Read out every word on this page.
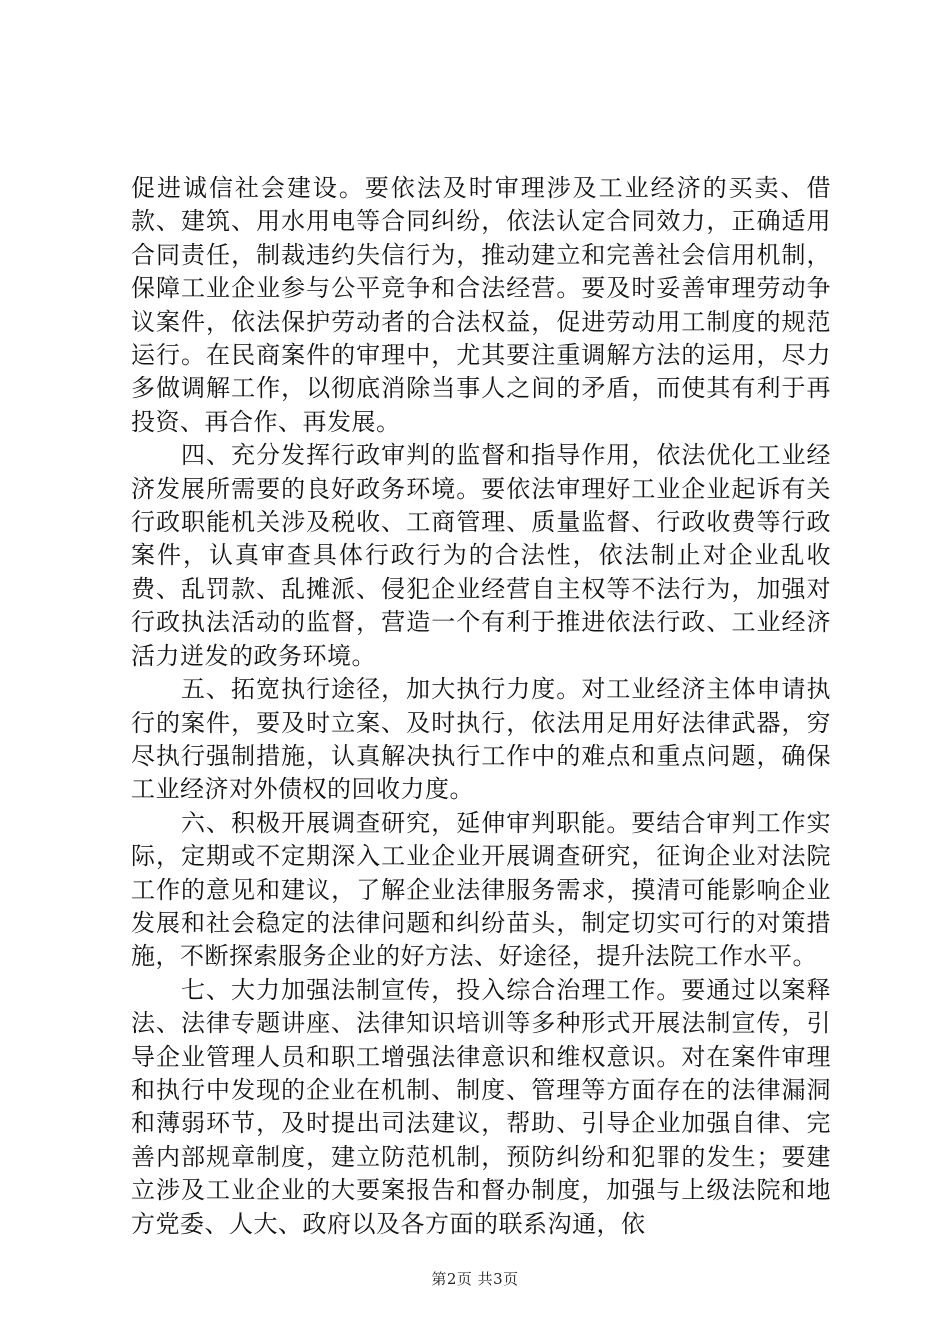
促进诚信社会建设。要依法及时审理涉及工业经济的买卖、借款、建筑、用水用电等合同纠纷，依法认定合同效力，正确适用合同责任，制裁违约失信行为，推动建立和完善社会信用机制，保障工业企业参与公平竞争和合法经营。要及时妥善审理劳动争议案件，依法保护劳动者的合法权益，促进劳动用工制度的规范运行。在民商案件的审理中，尤其要注重调解方法的运用，尽力多做调解工作，以彻底消除当事人之间的矛盾，而使其有利于再投资、再合作、再发展。

四、充分发挥行政审判的监督和指导作用，依法优化工业经济发展所需要的良好政务环境。要依法审理好工业企业起诉有关行政职能机关涉及税收、工商管理、质量监督、行政收费等行政案件，认真审查具体行政行为的合法性，依法制止对企业乱收费、乱罚款、乱摊派、侵犯企业经营自主权等不法行为，加强对行政执法活动的监督，营造一个有利于推进依法行政、工业经济活力迸发的政务环境。

五、拓宽执行途径，加大执行力度。对工业经济主体申请执行的案件，要及时立案、及时执行，依法用足用好法律武器，穷尽执行强制措施，认真解决执行工作中的难点和重点问题，确保工业经济对外债权的回收力度。

六、积极开展调查研究，延伸审判职能。要结合审判工作实际，定期或不定期深入工业企业开展调查研究，征询企业对法院工作的意见和建议，了解企业法律服务需求，摸清可能影响企业发展和社会稳定的法律问题和纠纷苗头，制定切实可行的对策措施，不断探索服务企业的好方法、好途径，提升法院工作水平。

七、大力加强法制宣传，投入综合治理工作。要通过以案释法、法律专题讲座、法律知识培训等多种形式开展法制宣传，引导企业管理人员和职工增强法律意识和维权意识。对在案件审理和执行中发现的企业在机制、制度、管理等方面存在的法律漏洞和薄弱环节，及时提出司法建议，帮助、引导企业加强自律、完善内部规章制度，建立防范机制，预防纠纷和犯罪的发生；要建立涉及工业企业的大要案报告和督办制度，加强与上级法院和地方党委、人大、政府以及各方面的联系沟通，依

第2页 共3页
